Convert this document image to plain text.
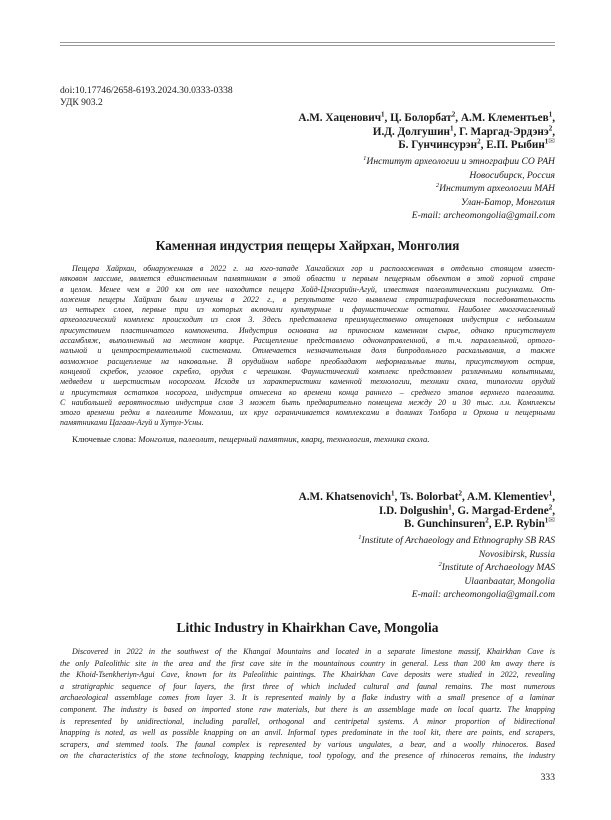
doi:10.17746/2658-6193.2024.30.0333-0338
УДК 903.2
А.М. Хаценович$^1$, Ц. Болорбат$^2$, А.М. Клементьев$^1$,
И.Д. Долгушин$^1$, Г. Маргад-Эрдэнэ$^2$,
Б. Гунчинсурэн$^2$, Е.П. Рыбин$^{1✉}$
$^1$Институт археологии и этнографии СО РАН
Новосибирск, Россия
$^2$Институт археологии МАН
Улан-Батор, Монголия
E-mail: archeomongolia@gmail.com
Каменная индустрия пещеры Хайрхан, Монголия
Пещера Хайрхан, обнаруженная в 2022 г. на юго-западе Хангайских гор и расположенная в отдельно стоящем извест-
няковом массиве, является единственным памятником в этой области и первым пещерным объектом в этой горной стране
в целом. Менее чем в 200 км от нее находится пещера Хойд-Цэнхэрийн-Агуй, известная палеолитическими рисунками. От-
ложения пещеры Хайрхан были изучены в 2022 г., в результате чего выявлена стратиграфическая последовательность
из четырех слоев, первые три из которых включали культурные и фаунистические остатки. Наиболее многочисленный
археологический комплекс происходит из слоя 3. Здесь представлена преимущественно отщеповая индустрия с небольшим
присутствием пластинчатого компонента. Индустрия основана на приносном каменном сырье, однако присутствует
ассамбляж, выполненный на местном кварце. Расщепление представлено однонаправленной, в т.ч. параллельной, ортого-
нальной и центростремительной системами. Отмечается незначительная доля бипродольного раскалывания, а также
возможное расщепление на наковальне. В орудийном наборе преобладают неформальные типы, присутствуют острия,
концевой скребок, угловое скребло, орудия с черешком. Фаунистический комплекс представлен различными копытными,
медведем и шерстистым носорогом. Исходя из характеристики каменной технологии, техники скола, типологии орудий
и присутствия остатков носорога, индустрия отнесена ко времени конца раннего – среднего этапов верхнего палеолита.
С наибольшей вероятностью индустрия слоя 3 может быть предварительно помещена между 20 и 30 тыс. л.н. Комплексы
этого времени редки в палеолите Монголии, их круг ограничивается комплексами в долинах Толбора и Орхона и пещерными
памятниками Цагаан-Агуй и Хутул-Усны.
Ключевые слова: Монголия, палеолит, пещерный памятник, кварц, технология, техника скола.
A.M. Khatsenovich$^1$, Ts. Bolorbat$^2$, A.M. Klementiev$^1$,
I.D. Dolgushin$^1$, G. Margad-Erdene$^2$,
B. Gunchinsuren$^2$, E.P. Rybin$^{1✉}$
$^1$Institute of Archaeology and Ethnography SB RAS
Novosibirsk, Russia
$^2$Institute of Archaeology MAS
Ulaanbaatar, Mongolia
E-mail: archeomongolia@gmail.com
Lithic Industry in Khairkhan Cave, Mongolia
Discovered in 2022 in the southwest of the Khangai Mountains and located in a separate limestone massif, Khairkhan Cave is
the only Paleolithic site in the area and the first cave site in the mountainous country in general. Less than 200 km away there is
the Khoid-Tsenkheriyn-Agui Cave, known for its Paleolithic paintings. The Khairkhan Cave deposits were studied in 2022, revealing
a stratigraphic sequence of four layers, the first three of which included cultural and faunal remains. The most numerous
archaeological assemblage comes from layer 3. It is represented mainly by a flake industry with a small presence of a laminar
component. The industry is based on imported stone raw materials, but there is an assemblage made on local quartz. The knapping
is represented by unidirectional, including parallel, orthogonal and centripetal systems. A minor proportion of bidirectional
knapping is noted, as well as possible knapping on an anvil. Informal types predominate in the tool kit, there are points, end scrapers,
scrapers, and stemmed tools. The faunal complex is represented by various ungulates, a bear, and a woolly rhinoceros. Based
on the characteristics of the stone technology, knapping technique, tool typology, and the presence of rhinoceros remains, the industry
333
